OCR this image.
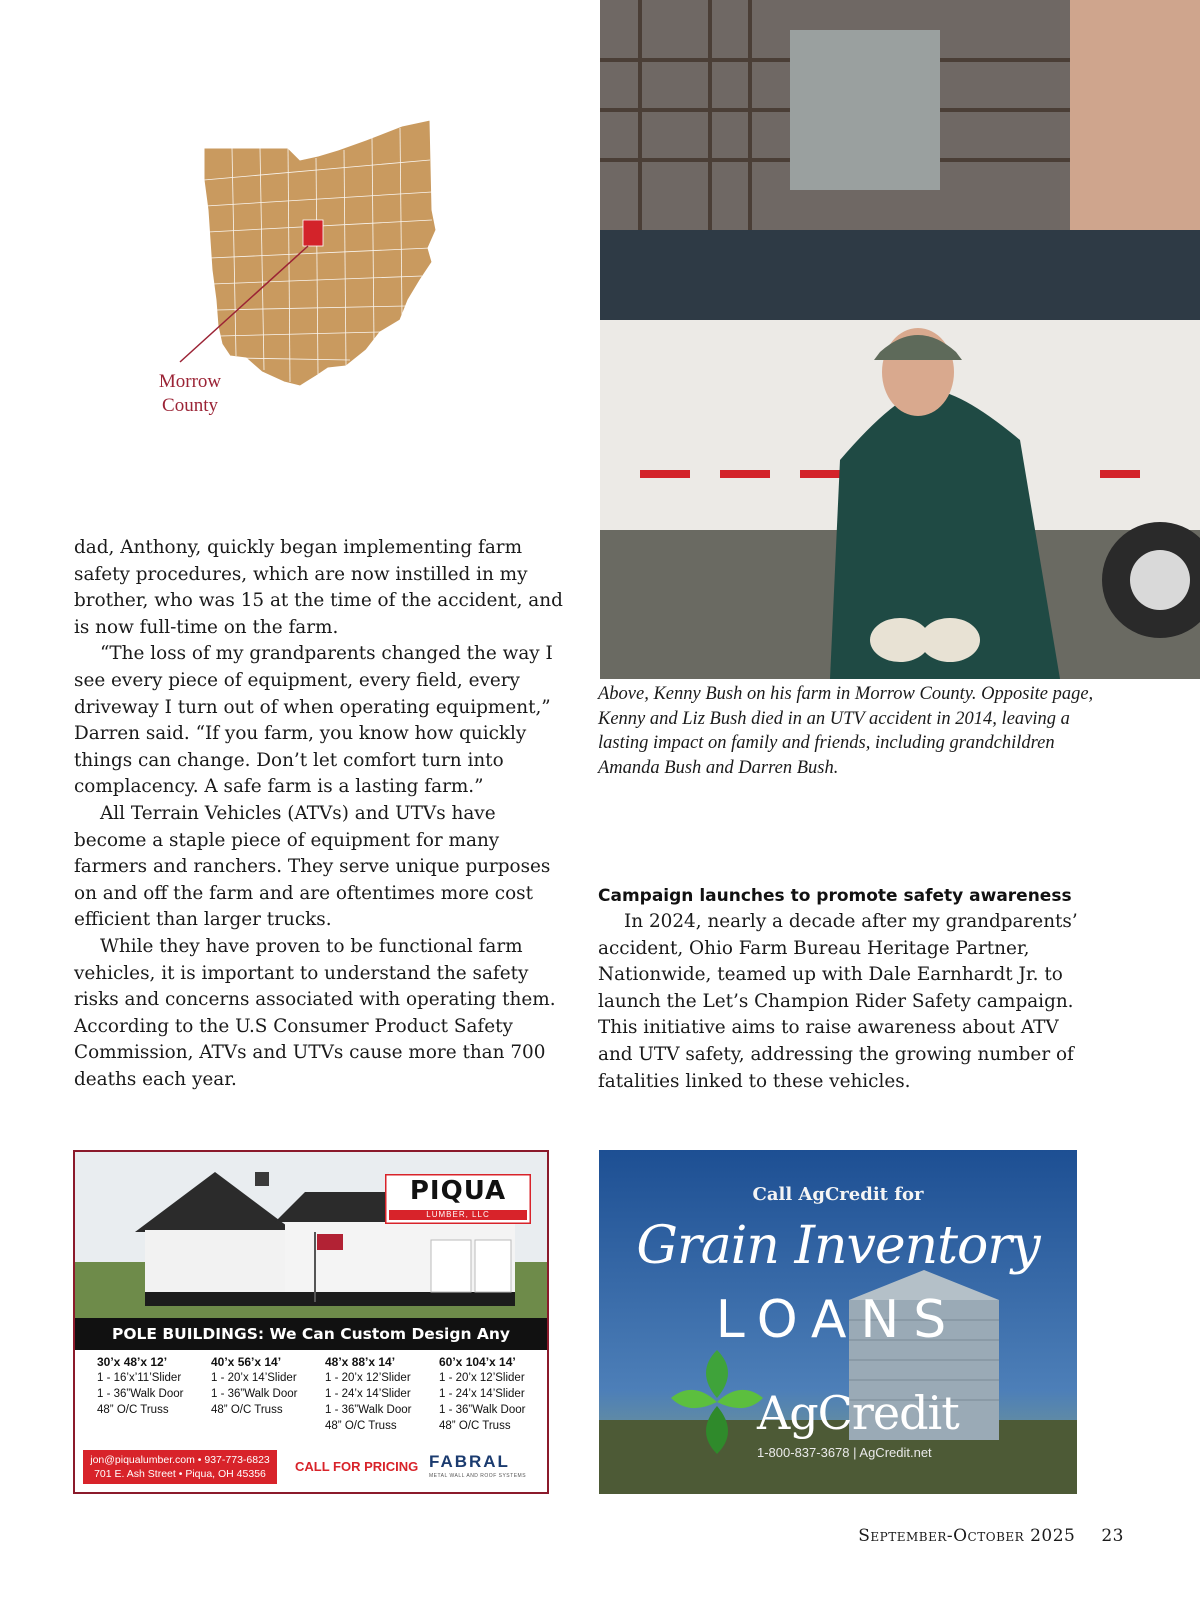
Morrow
County
Above, Kenny Bush on his farm in Morrow County. Opposite page, Kenny and Liz Bush died in an UTV accident in 2014, leaving a lasting impact on family and friends, including grandchildren Amanda Bush and Darren Bush.

dad, Anthony, quickly began implementing farm safety procedures, which are now instilled in my brother, who was 15 at the time of the accident, and is now full-time on the farm.

“The loss of my grandparents changed the way I see every piece of equipment, every field, every driveway I turn out of when operating equipment,” Darren said. “If you farm, you know how quickly things can change. Don’t let comfort turn into complacency. A safe farm is a lasting farm.”

All Terrain Vehicles (ATVs) and UTVs have become a staple piece of equipment for many farmers and ranchers. They serve unique purposes on and off the farm and are oftentimes more cost efficient than larger trucks.

While they have proven to be functional farm vehicles, it is important to understand the safety risks and concerns associated with operating them. According to the U.S Consumer Product Safety Commission, ATVs and UTVs cause more than 700 deaths each year.

Campaign launches to promote safety awareness

In 2024, nearly a decade after my grandparents’ accident, Ohio Farm Bureau Heritage Partner, Nationwide, teamed up with Dale Earnhardt Jr. to launch the Let’s Champion Rider Safety campaign. This initiative aims to raise awareness about ATV and UTV safety, addressing the growing number of fatalities linked to these vehicles.

PIQUA
LUMBER, LLC
POLE BUILDINGS: We Can Custom Design Any Building
30’x 48’x 12’
1 - 16’x’11’Slider
1 - 36”Walk Door
48” O/C Truss
40’x 56’x 14’
1 - 20’x 14’Slider
1 - 36”Walk Door
48” O/C Truss
48’x 88’x 14’
1 - 20’x 12’Slider
1 - 24’x 14’Slider
1 - 36”Walk Door
48” O/C Truss
60’x 104’x 14’
1 - 20’x 12’Slider
1 - 24’x 14’Slider
1 - 36”Walk Door
48” O/C Truss
jon@piqualumber.com • 937-773-6823
701 E. Ash Street • Piqua, OH 45356	CALL FOR PRICING FABRAL
METAL WALL AND ROOF SYSTEMS
Call AgCredit for
Grain Inventory
LOANS
AgCredit
1-800-837-3678 | AgCredit.net
September-October 2025 23
